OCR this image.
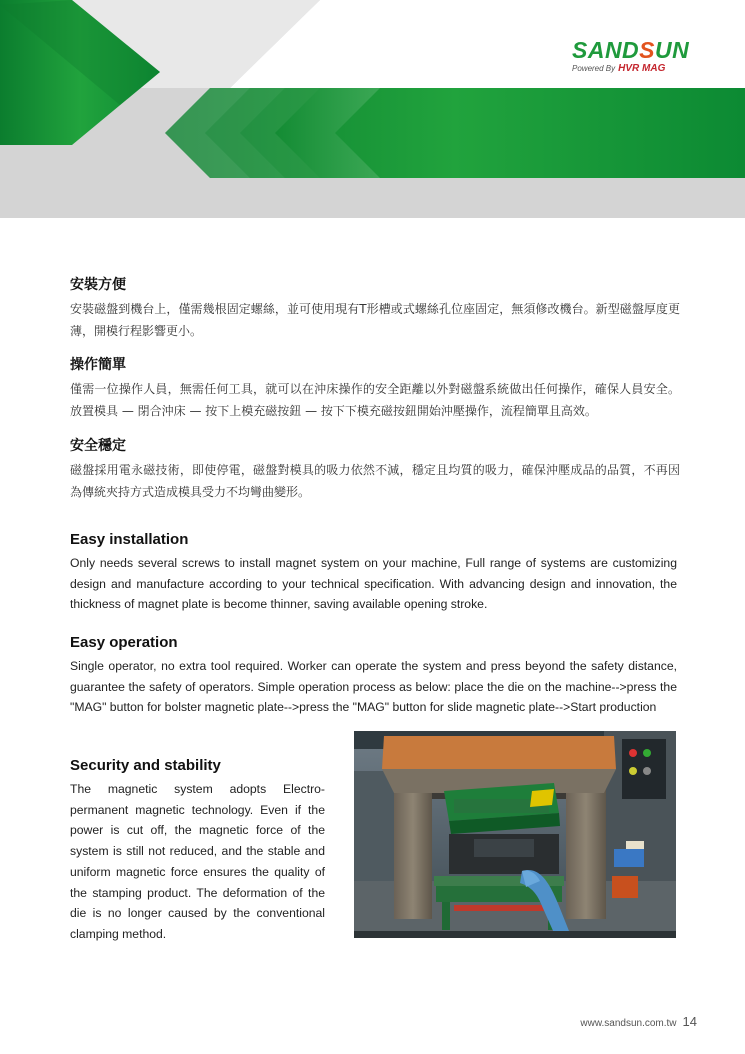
SANDSUN
Powered By HVR MAG
安裝方便

安裝磁盤到機台上，僅需幾根固定螺絲，並可使用現有T形槽或式螺絲孔位座固定，無須修改機台。新型磁盤厚度更薄，開模行程影響更小。

操作簡單

僅需一位操作人員，無需任何工具，就可以在沖床操作的安全距離以外對磁盤系統做出任何操作，確保人員安全。放置模具 — 閉合沖床 — 按下上模充磁按鈕 — 按下下模充磁按鈕開始沖壓操作，流程簡單且高效。

安全穩定

磁盤採用電永磁技術，即使停電，磁盤對模具的吸力依然不減，穩定且均質的吸力，確保沖壓成品的品質，不再因為傳統夾持方式造成模具受力不均彎曲變形。

Easy installation

Only needs several screws to install magnet system on your machine, Full range of systems are customizing design and manufacture according to your technical specification. With advancing design and innovation, the thickness of magnet plate is become thinner, saving available opening stroke.

Easy operation

Single operator, no extra tool required. Worker can operate the system and press beyond the safety distance, guarantee the safety of operators. Simple operation process as below: place the die on the machine-->press the "MAG" button for bolster magnetic plate-->press the "MAG" button for slide magnetic plate-->Start production

Security and stability

The magnetic system adopts Electro-permanent magnetic technology. Even if the power is cut off, the magnetic force of the system is still not reduced, and the stable and uniform magnetic force ensures the quality of the stamping product. The deformation of the die is no longer caused by the conventional clamping method.

www.sandsun.com.tw 14
